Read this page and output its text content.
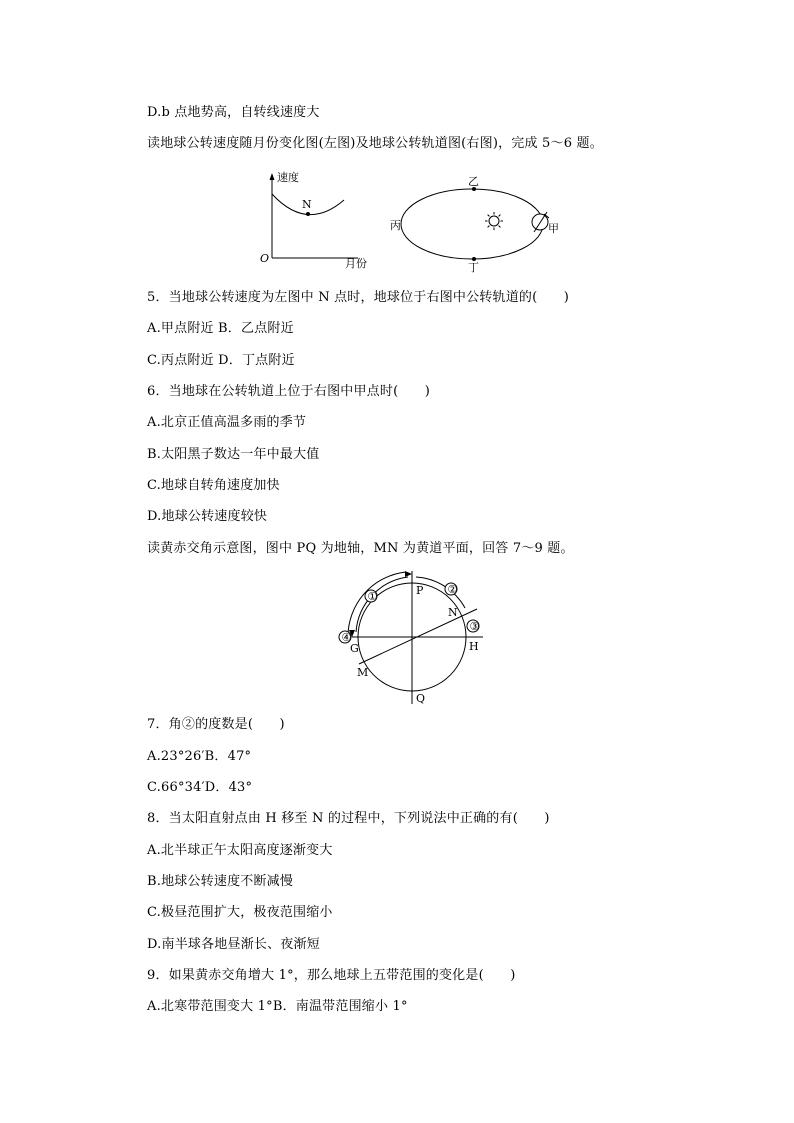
D.b 点地势高，自转线速度大
读地球公转速度随月份变化图(左图)及地球公转轨道图(右图)，完成 5～6 题。
速度
N
O	月份
乙
丙
丁
甲
5．当地球公转速度为左图中 N 点时，地球位于右图中公转轨道的(　　)
A.甲点附近 B．乙点附近
C.丙点附近 D．丁点附近
6．当地球在公转轨道上位于右图中甲点时(　　)
A.北京正值高温多雨的季节
B.太阳黑子数达一年中最大值
C.地球自转角速度加快
D.地球公转速度较快
读黄赤交角示意图，图中 PQ 为地轴，MN 为黄道平面，回答 7～9 题。
①
②
③
④
P
Q
N
M
G	H
7．角②的度数是(　　)
A.23°26′B．47°
C.66°34′D．43°
8．当太阳直射点由 H 移至 N 的过程中，下列说法中正确的有(　　)
A.北半球正午太阳高度逐渐变大
B.地球公转速度不断减慢
C.极昼范围扩大，极夜范围缩小
D.南半球各地昼渐长、夜渐短
9．如果黄赤交角增大 1°，那么地球上五带范围的变化是(　　)
A.北寒带范围变大 1°B．南温带范围缩小 1°
